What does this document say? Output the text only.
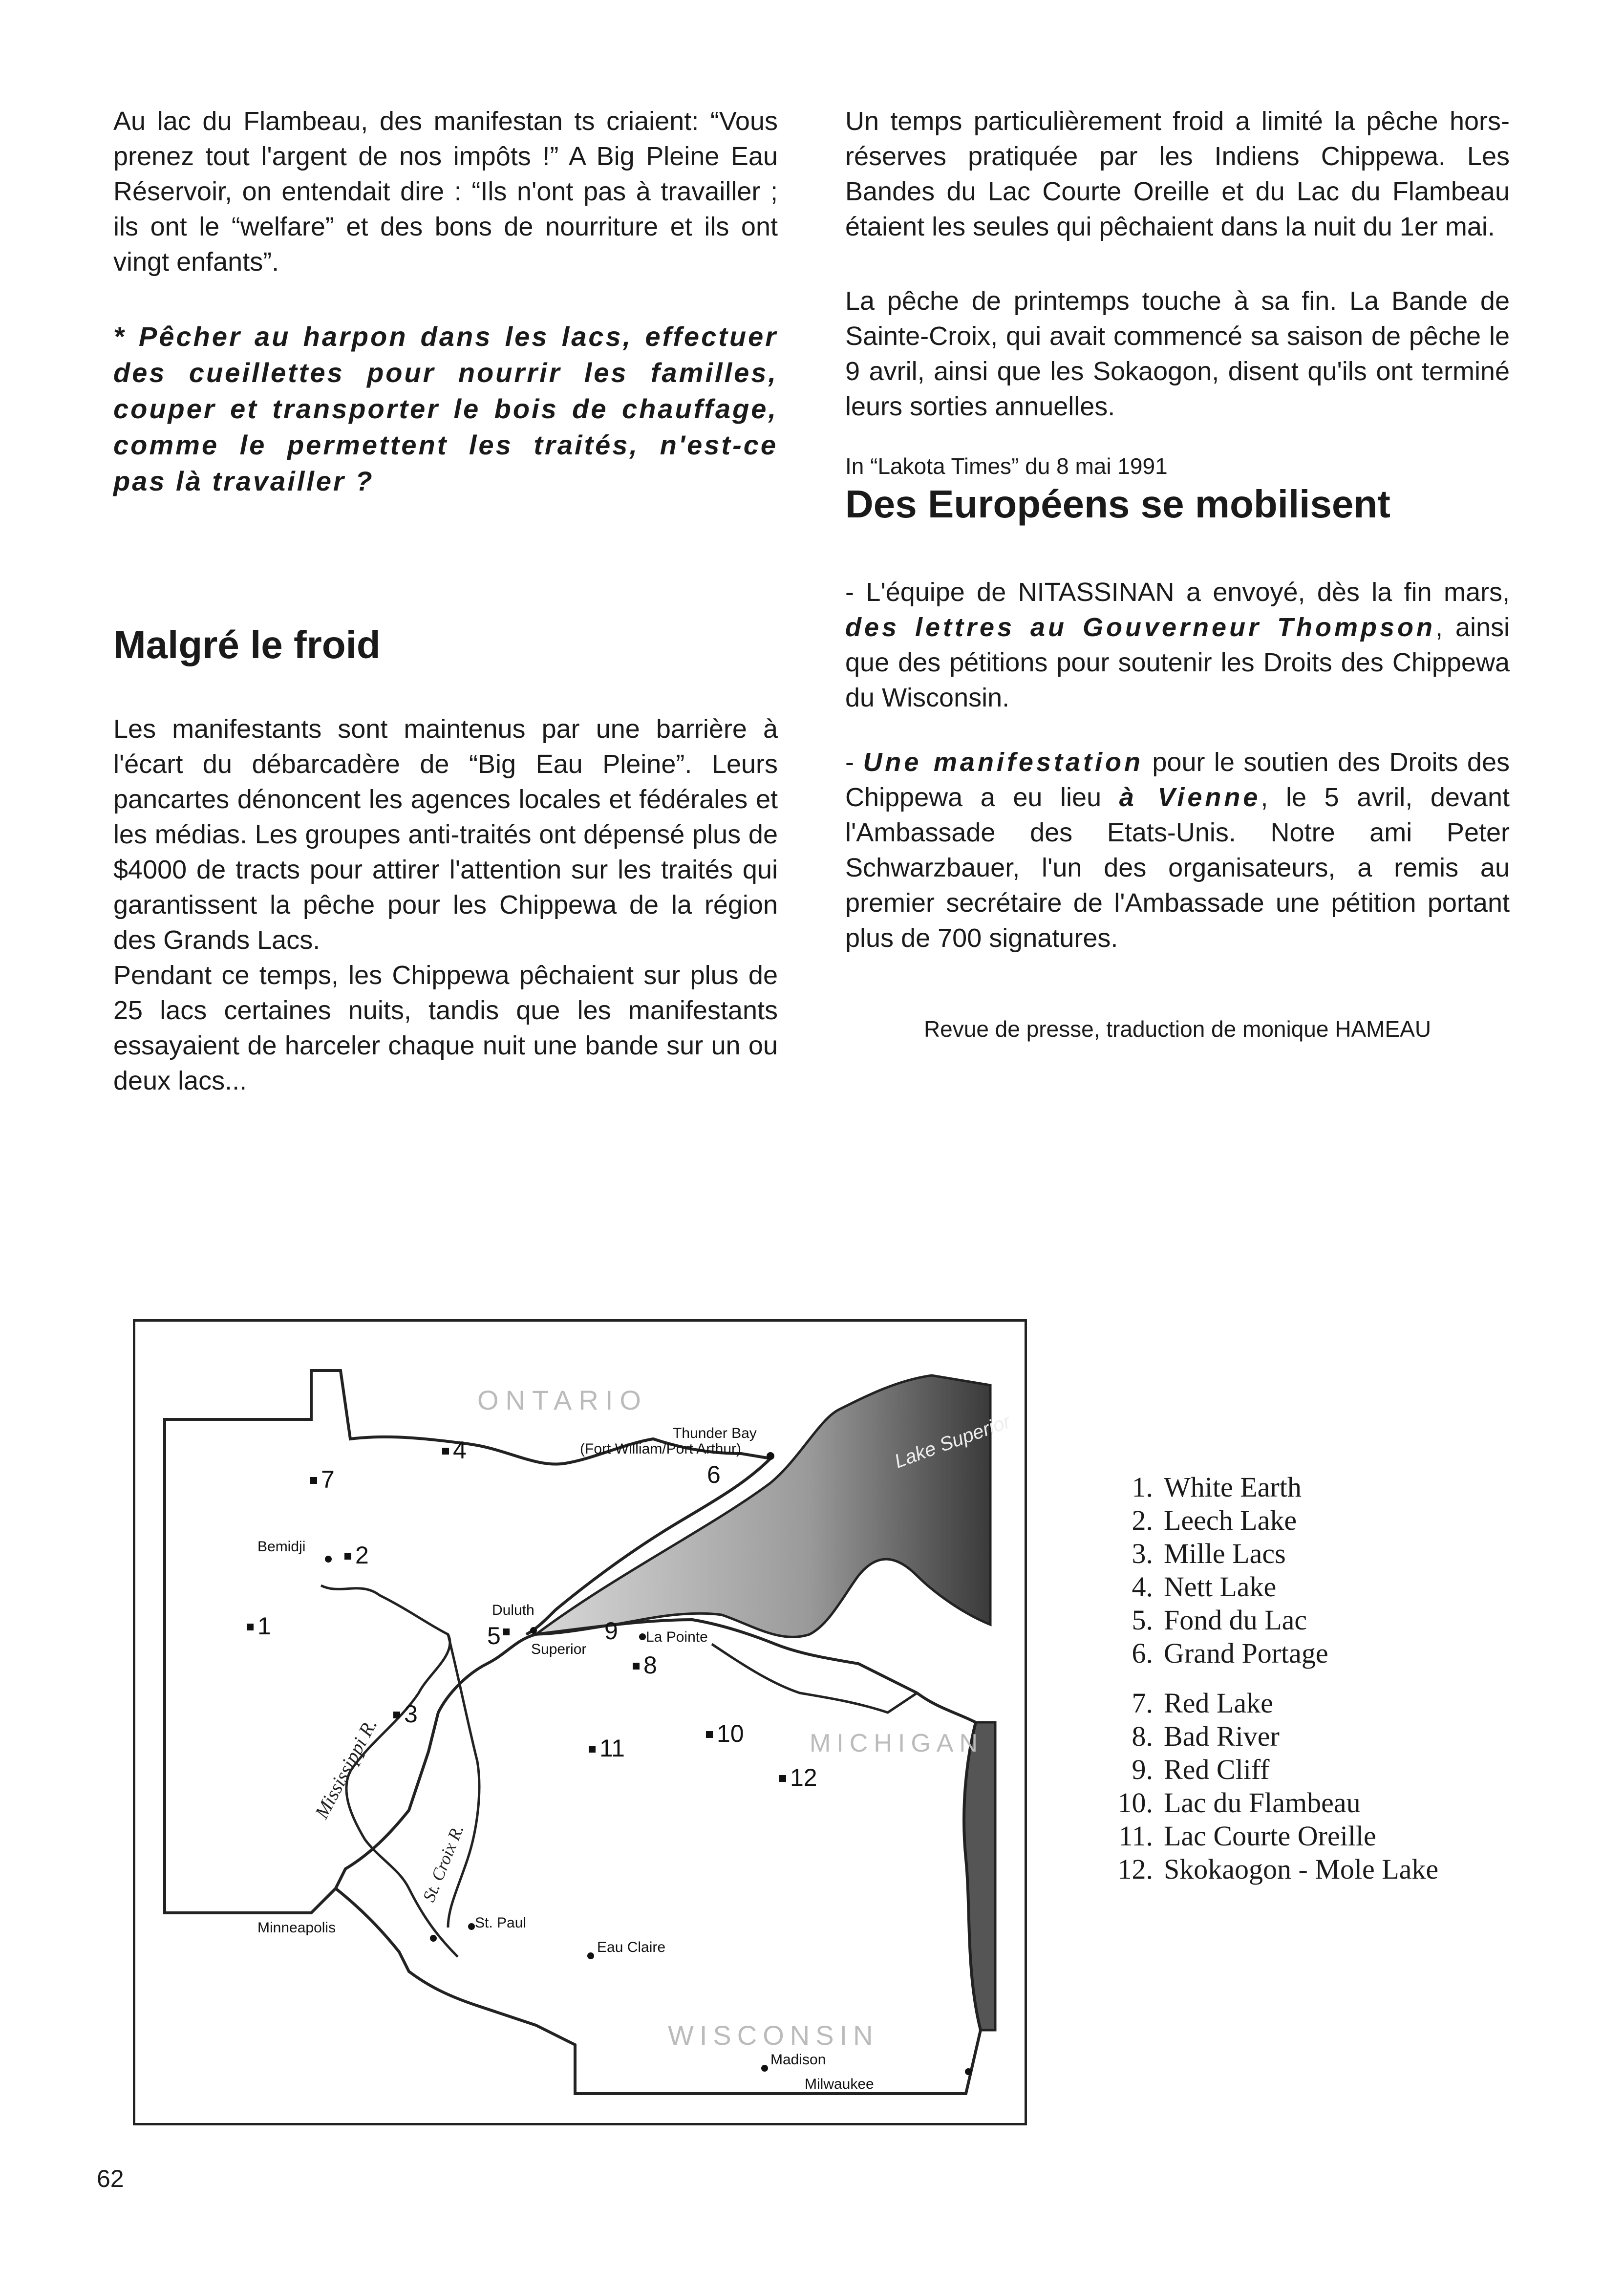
Au lac du Flambeau, des manifestan ts criaient: “Vous prenez tout l'argent de nos impôts !” A Big Pleine Eau Réservoir, on entendait dire : “Ils n'ont pas à travailler ; ils ont le “welfare” et des bons de nourriture et ils ont vingt enfants”.

* Pêcher au harpon dans les lacs, effectuer des cueillettes pour nourrir les familles, couper et transporter le bois de chauffage, comme le permettent les traités, n'est-ce pas là travailler ?

Malgré le froid

Les manifestants sont maintenus par une barrière à l'écart du débarcadère de “Big Eau Pleine”. Leurs pancartes dénoncent les agences locales et fédérales et les médias. Les groupes anti-traités ont dépensé plus de $4000 de tracts pour attirer l'attention sur les traités qui garantissent la pêche pour les Chippewa de la région des Grands Lacs.

Pendant ce temps, les Chippewa pêchaient sur plus de 25 lacs certaines nuits, tandis que les manifestants essayaient de harceler chaque nuit une bande sur un ou deux lacs...

Un temps particulièrement froid a limité la pêche hors-réserves pratiquée par les Indiens Chippewa. Les Bandes du Lac Courte Oreille et du Lac du Flambeau étaient les seules qui pêchaient dans la nuit du 1er mai.

La pêche de printemps touche à sa fin. La Bande de Sainte-Croix, qui avait commencé sa saison de pêche le 9 avril, ainsi que les Sokaogon, disent qu'ils ont terminé leurs sorties annuelles.

In “Lakota Times” du 8 mai 1991

Des Européens se mobilisent

- L'équipe de NITASSINAN a envoyé, dès la fin mars, des lettres au Gouverneur Thompson, ainsi que des pétitions pour soutenir les Droits des Chippewa du Wisconsin.

- Une manifestation pour le soutien des Droits des Chippewa a eu lieu à Vienne, le 5 avril, devant l'Ambassade des Etats-Unis. Notre ami Peter Schwarzbauer, l'un des organisateurs, a remis au premier secrétaire de l'Ambassade une pétition portant plus de 700 signatures.

Revue de presse, traduction de monique HAMEAU

ONTARIO
MICHIGAN
WISCONSIN
Lake Superior
Mississippi R.
St. Croix R.
Thunder Bay
(Fort William/Port Arthur)
Bemidji
Duluth
Superior
La Pointe
Minneapolis	St. Paul
Eau Claire
Madison
Milwaukee
1
2
3
4
5
6
7
8
9
10
11
12
1. White Earth
2. Leech Lake
3. Mille Lacs
4. Nett Lake
5. Fond du Lac
6. Grand Portage
7. Red Lake
8. Bad River
9. Red Cliff
10. Lac du Flambeau
11. Lac Courte Oreille
12. Skokaogon - Mole Lake
62
